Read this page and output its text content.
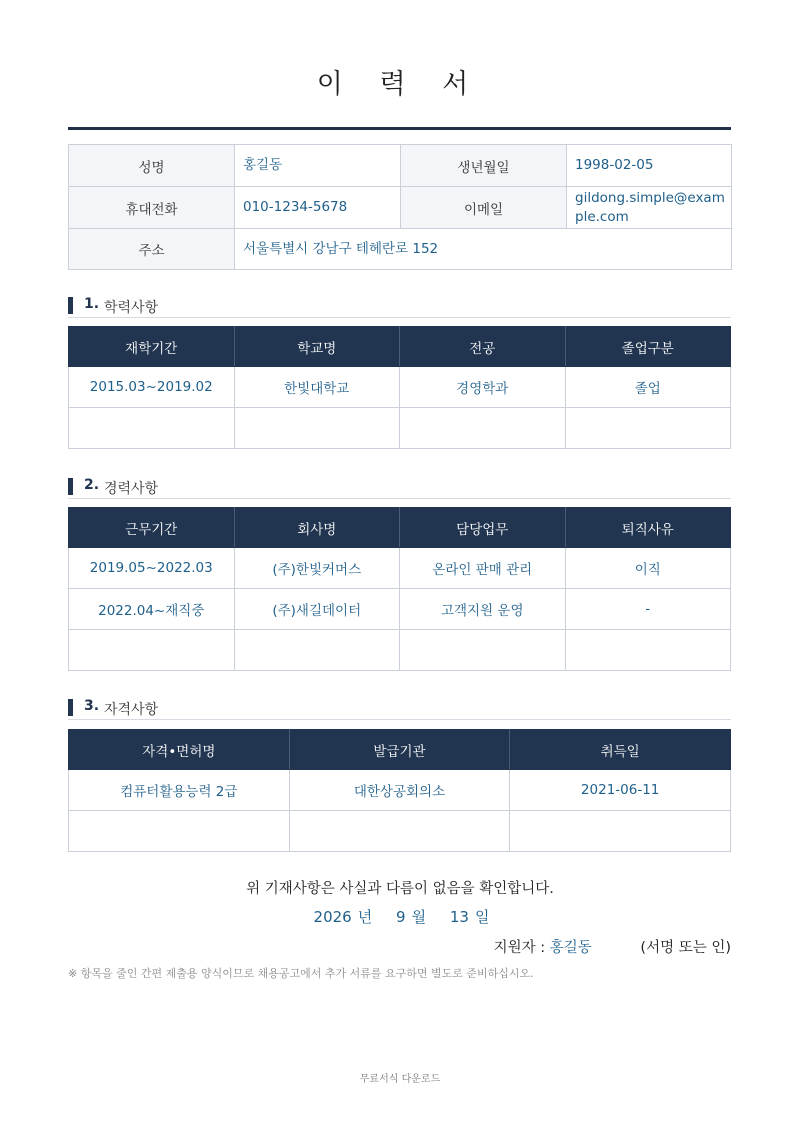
이 력 서
성명	홍길동	생년월일	1998-02-05
휴대전화	010-1234-5678	이메일	gildong.simple@exam
ple.com
주소	서울특별시 강남구 테헤란로 152		
1. 학력사항
재학기간	학교명	전공	졸업구분
2015.03~2019.02	한빛대학교	경영학과	졸업

2. 경력사항
근무기간	회사명	담당업무	퇴직사유
2019.05~2022.03	(주)한빛커머스	온라인 판매 관리	이직
2022.04~재직중	(주)새길데이터	고객지원 운영	-

3. 자격사항
자격•면허명	발급기관	취득일
컴퓨터활용능력 2급	대한상공회의소	2021-06-11

위 기재사항은 사실과 다름이 없음을 확인합니다.
2026 년 9 월 13 일
지원자 : 홍길동	(서명 또는 인)
※ 항목을 줄인 간편 제출용 양식이므로 채용공고에서 추가 서류를 요구하면 별도로 준비하십시오.
무료서식 다운로드
